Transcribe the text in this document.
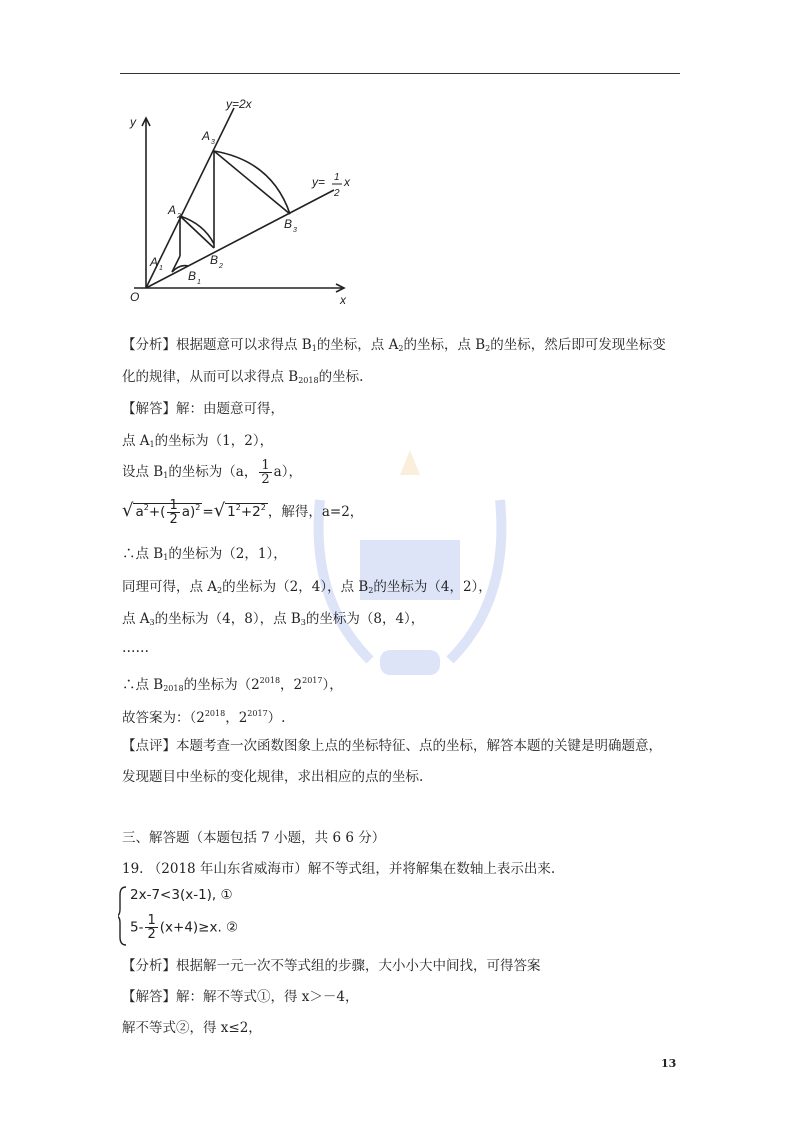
y
x
O
y=2x
y= 1
2
x
A 1
A 2
A 3
B 1
B 2
B 3
【分析】根据题意可以求得点 $B_1$的坐标，点 $A_2$的坐标，点 $B_2$的坐标，然后即可发现坐标变
化的规律，从而可以求得点 $B_{2018}$的坐标.
【解答】解：由题意可得，
点 $A_1$的坐标为（1，2），
设点 $B_1$的坐标为（a， $\frac{1}{2} a$），
√ $a^2+( \frac{1}{2} a)^2$ =√ $1^2+2^2$ ，解得，a=2，
∴点 $B_1$的坐标为（2，1），
同理可得，点 $A_2$的坐标为（2，4），点 $B_2$的坐标为（4，2），
点 $A_3$的坐标为（4，8），点 $B_3$的坐标为（8，4），
……
∴点 $B_{2018}$的坐标为（$2^{2018}$，$2^{2017}$），
故答案为：（$2^{2018}$，$2^{2017}$）.
【点评】本题考查一次函数图象上点的坐标特征、点的坐标，解答本题的关键是明确题意，
发现题目中坐标的变化规律，求出相应的点的坐标.
三、解答题（本题包括 7 小题，共 6 6 分）
19. （2018 年山东省威海市）解不等式组，并将解集在数轴上表示出来.
2x-7<3(x-1), ①
$5- \frac{1}{2} (x+4)\ge x$. ②
【分析】根据解一元一次不等式组的步骤，大小小大中间找，可得答案
【解答】解：解不等式①，得 x＞－4，
解不等式②，得 x≤2，
13
